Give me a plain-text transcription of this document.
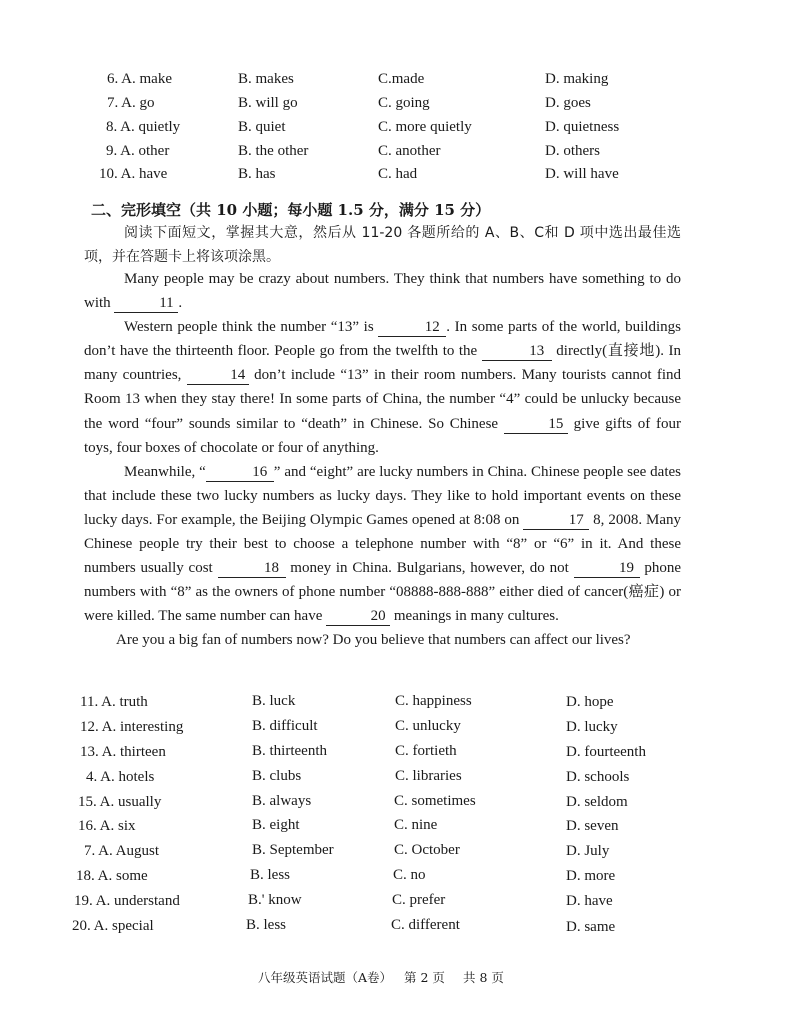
6. A. make	B. makes	C.made	D. making
7. A. go	B. will go	C. going	D. goes
8. A. quietly	B. quiet	C. more quietly	D. quietness
9. A. other	B. the other	C. another	D. others
10. A. have	B. has	C. had	D. will have
二、完形填空（共 10 小题；每小题 1.5 分，满分 15 分）
阅读下面短文，掌握其大意，然后从 11-20 各题所给的 A、B、C和 D 项中选出最佳选项，并在答题卡上将该项涂黑。

Many people may be crazy about numbers. They think that numbers have something to do with	11 .

Western people think the number “13” is	12 . In some parts of the world, buildings don’t have the thirteenth floor. People go from the twelfth to the	13 directly(直接地). In many countries,	14 don’t include “13” in their room numbers. Many tourists cannot find Room 13 when they stay there! In some parts of China, the number “4” could be unlucky because the word “four” sounds similar to “death” in Chinese. So Chinese	15 give gifts of four toys, four boxes of chocolate or four of anything.

Meanwhile, “	16 ” and “eight” are lucky numbers in China. Chinese people see dates that include these two lucky numbers as lucky days. They like to hold important events on these lucky days. For example, the Beijing Olympic Games opened at 8:08 on	17 8, 2008. Many Chinese people try their best to choose a telephone number with “8” or “6” in it. And these numbers usually cost	18 money in China. Bulgarians, however, do not	19 phone numbers with “8” as the owners of phone number “08888-888-888” either died of cancer(癌症) or were killed. The same number can have	20 meanings in many cultures.

Are you a big fan of numbers now? Do you believe that numbers can affect our lives?

11. A. truth	B. luck	C. happiness	D. hope
12. A. interesting	B. difficult	C. unlucky	D. lucky
13. A. thirteen	B. thirteenth	C. fortieth	D. fourteenth
4. A. hotels	B. clubs	C. libraries	D. schools
15. A. usually	B. always	C. sometimes	D. seldom
16. A. six	B. eight	C. nine	D. seven
7. A. August	B. September	C. October	D. July
18. A. some	B. less	C. no	D. more
19. A. understand	B.' know	C. prefer	D. have
20. A. special	B. less	C. different	D. same
八年级英语试题（A卷） 第 2 页 共 8 页
